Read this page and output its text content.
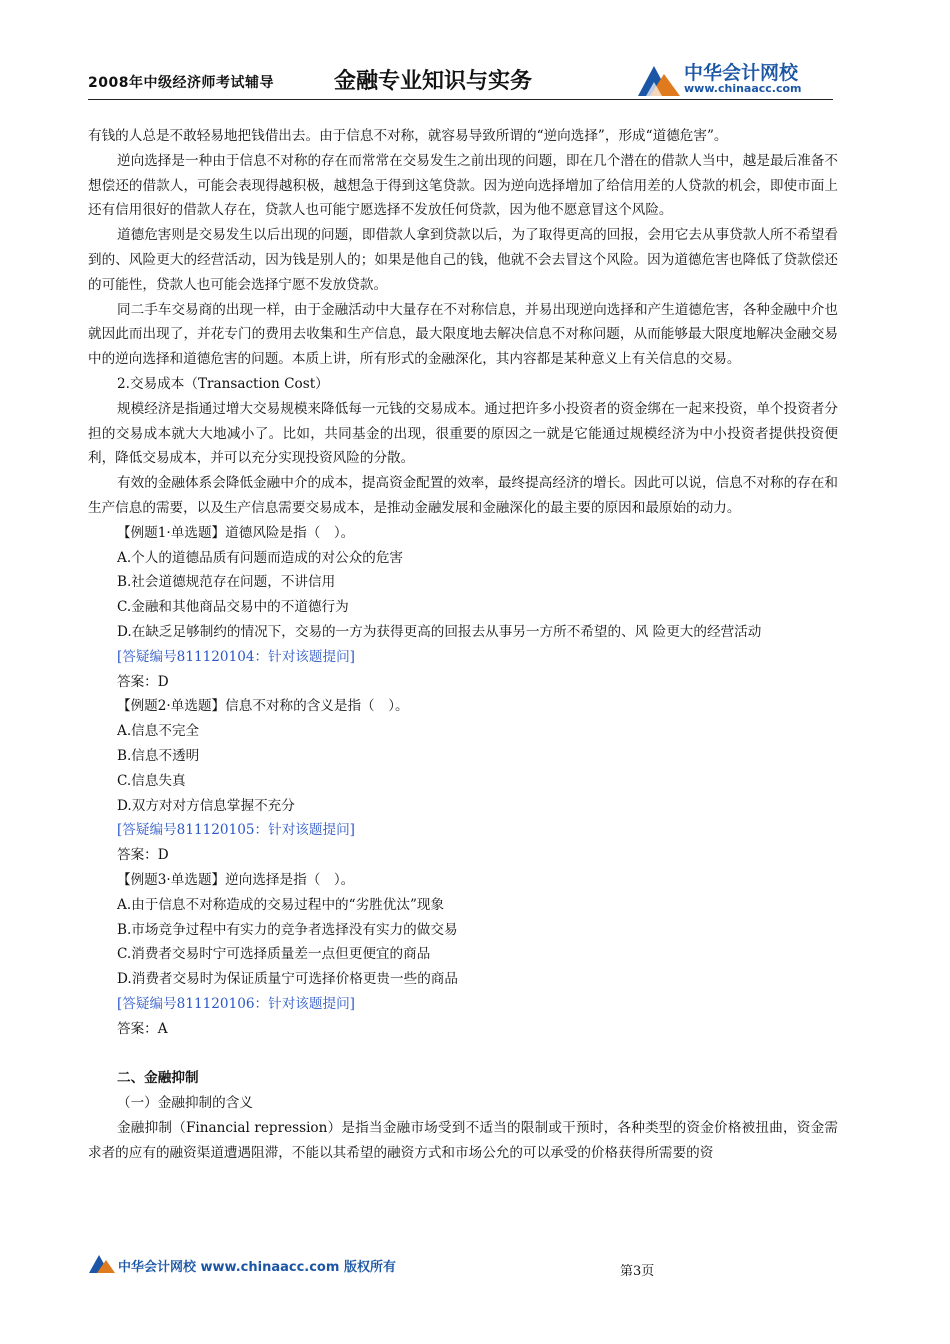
2008年中级经济师考试辅导	金融专业知识与实务	中华会计网校
www.chinaacc.com

有钱的人总是不敢轻易地把钱借出去。由于信息不对称，就容易导致所谓的“逆向选择”，形成“道德危害”。

逆向选择是一种由于信息不对称的存在而常常在交易发生之前出现的问题，即在几个潜在的借款人当中，越是最后准备不想偿还的借款人，可能会表现得越积极，越想急于得到这笔贷款。因为逆向选择增加了给信用差的人贷款的机会，即使市面上还有信用很好的借款人存在，贷款人也可能宁愿选择不发放任何贷款，因为他不愿意冒这个风险。

道德危害则是交易发生以后出现的问题，即借款人拿到贷款以后，为了取得更高的回报，会用它去从事贷款人所不希望看到的、风险更大的经营活动，因为钱是别人的；如果是他自己的钱，他就不会去冒这个风险。因为道德危害也降低了贷款偿还的可能性，贷款人也可能会选择宁愿不发放贷款。

同二手车交易商的出现一样，由于金融活动中大量存在不对称信息，并易出现逆向选择和产生道德危害，各种金融中介也就因此而出现了，并花专门的费用去收集和生产信息，最大限度地去解决信息不对称问题，从而能够最大限度地解决金融交易中的逆向选择和道德危害的问题。本质上讲，所有形式的金融深化，其内容都是某种意义上有关信息的交易。

2.交易成本（Transaction Cost）

规模经济是指通过增大交易规模来降低每一元钱的交易成本。通过把许多小投资者的资金绑在一起来投资，单个投资者分担的交易成本就大大地减小了。比如，共同基金的出现，很重要的原因之一就是它能通过规模经济为中小投资者提供投资便利，降低交易成本，并可以充分实现投资风险的分散。

有效的金融体系会降低金融中介的成本，提高资金配置的效率，最终提高经济的增长。因此可以说，信息不对称的存在和生产信息的需要，以及生产信息需要交易成本，是推动金融发展和金融深化的最主要的原因和最原始的动力。

【例题1·单选题】道德风险是指（　）。

A.个人的道德品质有问题而造成的对公众的危害

B.社会道德规范存在问题，不讲信用

C.金融和其他商品交易中的不道德行为

D.在缺乏足够制约的情况下，交易的一方为获得更高的回报去从事另一方所不希望的、风 险更大的经营活动

[答疑编号811120104：针对该题提问]

答案：D

【例题2·单选题】信息不对称的含义是指（　）。

A.信息不完全

B.信息不透明

C.信息失真

D.双方对对方信息掌握不充分

[答疑编号811120105：针对该题提问]

答案：D

【例题3·单选题】逆向选择是指（　）。

A.由于信息不对称造成的交易过程中的“劣胜优汰”现象

B.市场竞争过程中有实力的竞争者选择没有实力的做交易

C.消费者交易时宁可选择质量差一点但更便宜的商品

D.消费者交易时为保证质量宁可选择价格更贵一些的商品

[答疑编号811120106：针对该题提问]

答案：A

二、金融抑制

（一）金融抑制的含义

金融抑制（Financial repression）是指当金融市场受到不适当的限制或干预时，各种类型的资金价格被扭曲，资金需求者的应有的融资渠道遭遇阻滞，不能以其希望的融资方式和市场公允的可以承受的价格获得所需要的资

中华会计网校 www.chinaacc.com 版权所有	第3页
